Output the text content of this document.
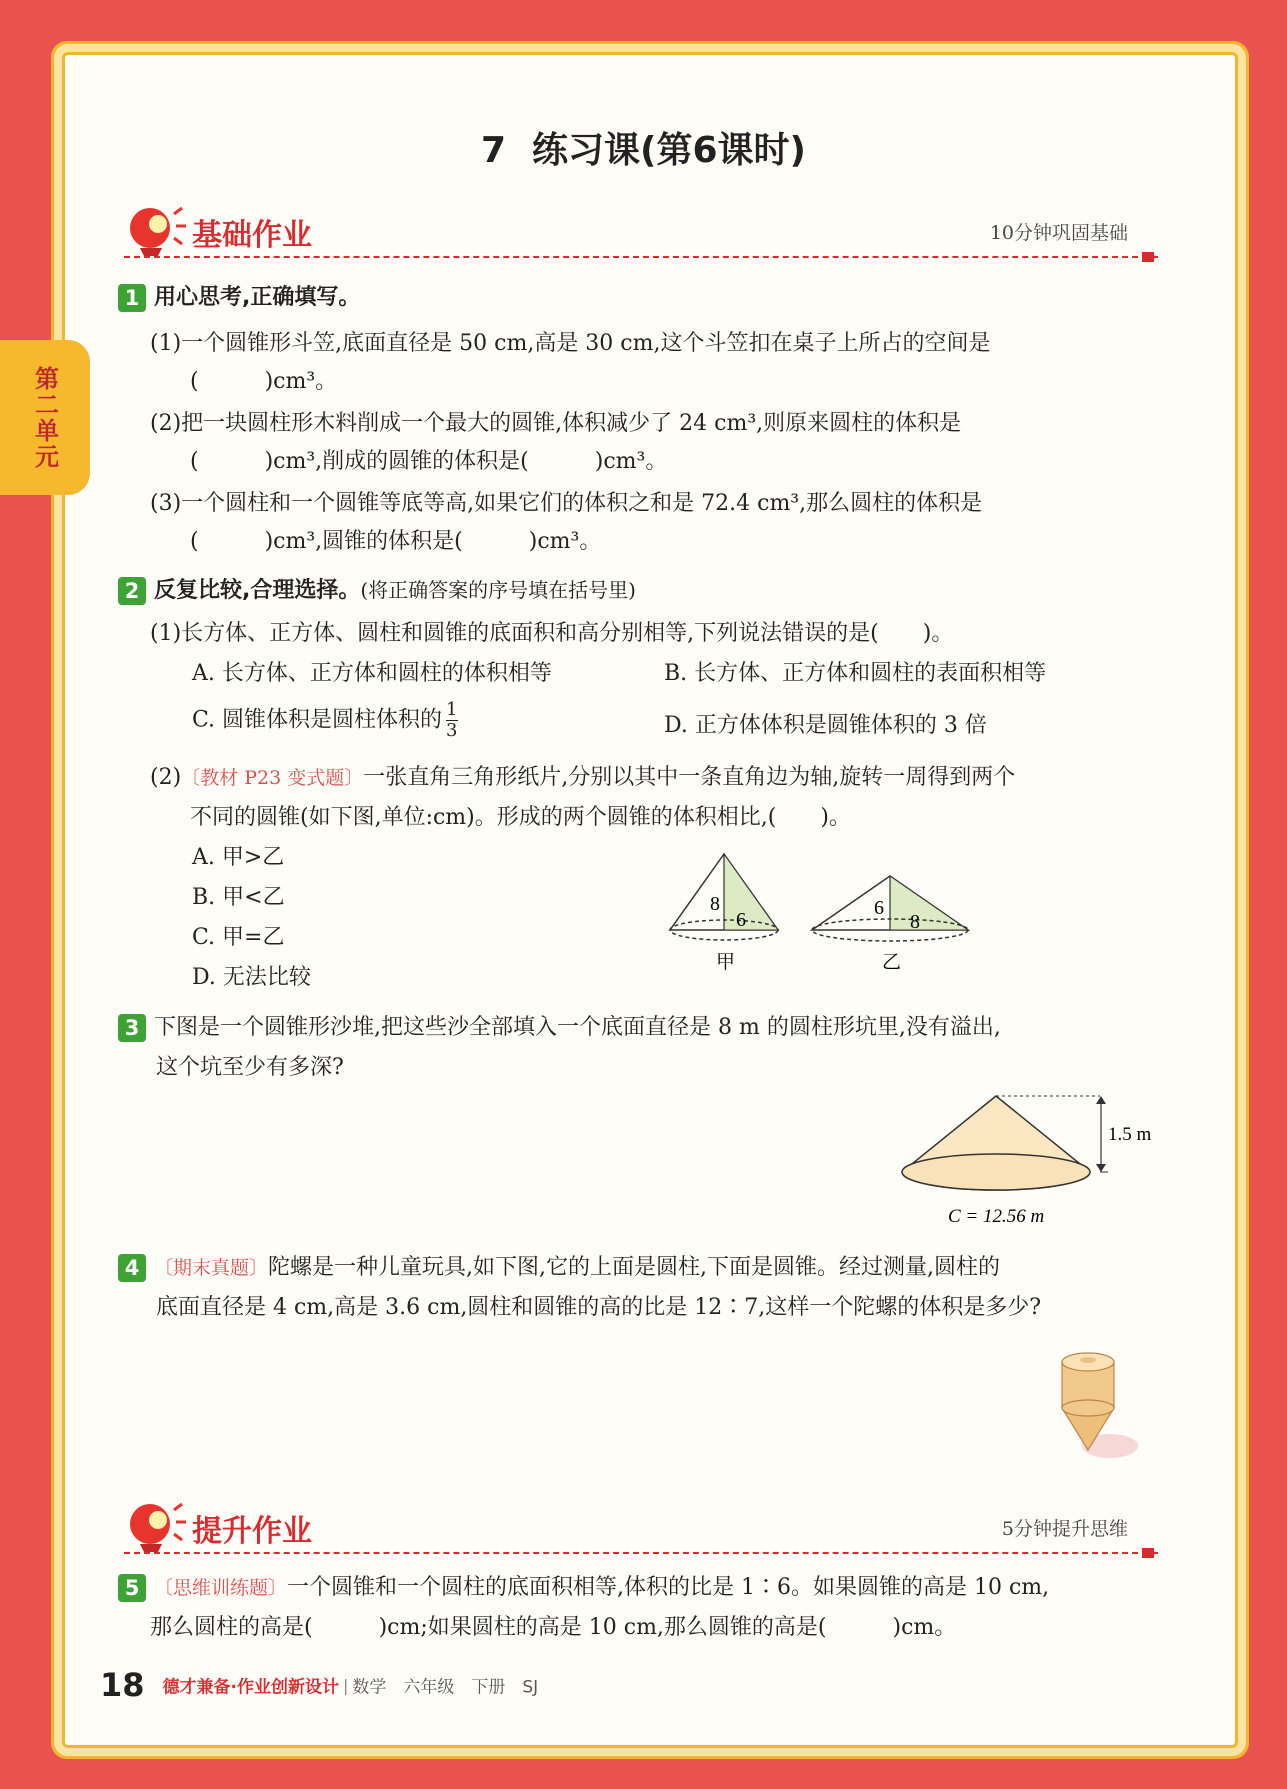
第二单元
7 练习课(第6课时)
基础作业	10分钟巩固基础
1 用心思考,正确填写。
(1)一个圆锥形斗笠,底面直径是 50 cm,高是 30 cm,这个斗笠扣在桌子上所占的空间是
(　　　)cm³。
(2)把一块圆柱形木料削成一个最大的圆锥,体积减少了 24 cm³,则原来圆柱的体积是
(　　　)cm³,削成的圆锥的体积是(　　　)cm³。
(3)一个圆柱和一个圆锥等底等高,如果它们的体积之和是 72.4 cm³,那么圆柱的体积是
(　　　)cm³,圆锥的体积是(　　　)cm³。
2 反复比较,合理选择。(将正确答案的序号填在括号里)
(1)长方体、正方体、圆柱和圆锥的底面积和高分别相等,下列说法错误的是(　　)。
A. 长方体、正方体和圆柱的体积相等	B. 长方体、正方体和圆柱的表面积相等
C. 圆锥体积是圆柱体积的 $\frac{1}{3}$	D. 正方体体积是圆锥体积的 3 倍
(2)〔教材 P23 变式题〕一张直角三角形纸片,分别以其中一条直角边为轴,旋转一周得到两个
不同的圆锥(如下图,单位:cm)。形成的两个圆锥的体积相比,(　　)。
A. 甲>乙
B. 甲<乙
C. 甲=乙
D. 无法比较
8
6
甲
6
8
乙
3 下图是一个圆锥形沙堆,把这些沙全部填入一个底面直径是 8 m 的圆柱形坑里,没有溢出,
这个坑至少有多深?
1.5 m
C = 12.56 m
4 〔期末真题〕陀螺是一种儿童玩具,如下图,它的上面是圆柱,下面是圆锥。经过测量,圆柱的
底面直径是 4 cm,高是 3.6 cm,圆柱和圆锥的高的比是 12∶7,这样一个陀螺的体积是多少?
提升作业	5分钟提升思维
5 〔思维训练题〕一个圆锥和一个圆柱的底面积相等,体积的比是 1∶6。如果圆锥的高是 10 cm,
那么圆柱的高是(　　　)cm;如果圆柱的高是 10 cm,那么圆锥的高是(　　　)cm。
18 德才兼备·作业创新设计 | 数学　六年级　下册　SJ
